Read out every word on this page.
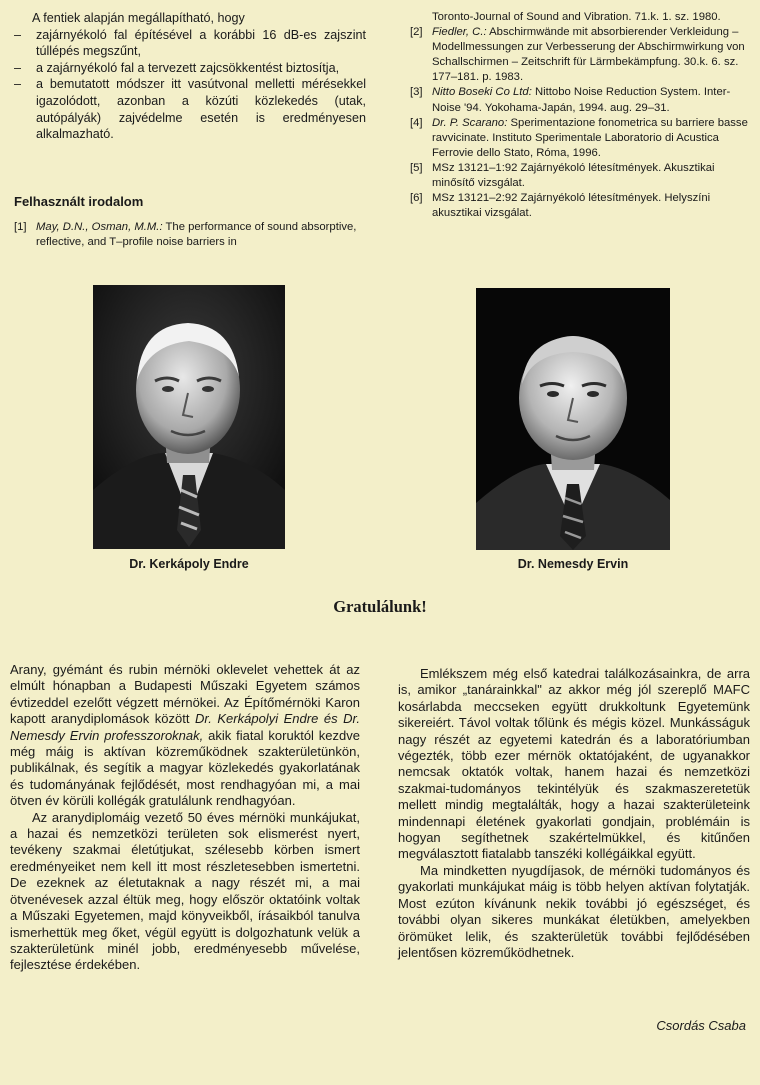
A fentiek alapján megállapítható, hogy

– zajárnyékoló fal építésével a korábbi 16 dB-es zajszint túllépés megszűnt,
– a zajárnyékoló fal a tervezett zajcsökkentést biztosítja,
– a bemutatott módszer itt vasútvonal melletti mérésekkel igazolódott, azonban a közúti közlekedés (utak, autópályák) zajvédelme esetén is eredményesen alkalmazható.
Felhasznált irodalom
[1] May, D.N., Osman, M.M.: The performance of sound absorptive, reflective, and T–profile noise barriers in
Toronto-Journal of Sound and Vibration. 71.k. 1. sz. 1980.
[2] Fiedler, C.: Abschirmwände mit absorbierender Verkleidung – Modellmessungen zur Verbesserung der Abschirmwirkung von Schallschirmen – Zeitschrift für Lärmbekämpfung. 30.k. 6. sz. 177–181. p. 1983.
[3] Nitto Boseki Co Ltd: Nittobo Noise Reduction System. Inter-Noise '94. Yokohama-Japán, 1994. aug. 29–31.
[4] Dr. P. Scarano: Sperimentazione fonometrica su barriere basse ravvicinate. Instituto Sperimentale Laboratorio di Acustica Ferrovie dello Stato, Róma, 1996.
[5] MSz 13121–1:92 Zajárnyékoló létesítmények. Akusztikai minősítő vizsgálat.
[6] MSz 13121–2:92 Zajárnyékoló létesítmények. Helyszíni akusztikai vizsgálat.
Dr. Kerkápoly Endre	Dr. Nemesdy Ervin
Gratulálunk!

Arany, gyémánt és rubin mérnöki oklevelet vehettek át az elmúlt hónapban a Budapesti Műszaki Egyetem számos évtizeddel ezelőtt végzett mérnökei. Az Építőmérnöki Karon kapott aranydiplomások között Dr. Kerkápolyi Endre és Dr. Nemesdy Ervin professzoroknak, akik fiatal koruktól kezdve még máig is aktívan közreműködnek szakterületünkön, publikálnak, és segítik a magyar közlekedés gyakorlatának és tudományának fejlődését, most rendhagyóan mi, a mai ötven év körüli kollégák gratulálunk rendhagyóan.

Az aranydiplomáig vezető 50 éves mérnöki munkájukat, a hazai és nemzetközi területen sok elismerést nyert, tevékeny szakmai életútjukat, szélesebb körben ismert eredményeiket nem kell itt most részletesebben ismertetni. De ezeknek az életutaknak a nagy részét mi, a mai ötvenévesek azzal éltük meg, hogy először oktatóink voltak a Műszaki Egyetemen, majd könyveikből, írásaikból tanulva ismerhettük meg őket, végül együtt is dolgozhatunk velük a szakterületünk minél jobb, eredményesebb művelése, fejlesztése érdekében.

Emlékszem még első katedrai találkozásainkra, de arra is, amikor „tanárainkkal" az akkor még jól szereplő MAFC kosárlabda meccseken együtt drukkoltunk Egyetemünk sikereiért. Távol voltak tőlünk és mégis közel. Munkásságuk nagy részét az egyetemi katedrán és a laboratóriumban végezték, több ezer mérnök oktatójaként, de ugyanakkor nemcsak oktatók voltak, hanem hazai és nemzetközi szakmai-tudományos tekintélyük és szakmaszeretetük mellett mindig megtalálták, hogy a hazai szakterületeink mindennapi életének gyakorlati gondjain, problémáin is hogyan segíthetnek szakértelmükkel, és kitűnően megválasztott fiatalabb tanszéki kollégáikkal együtt.

Ma mindketten nyugdíjasok, de mérnöki tudományos és gyakorlati munkájukat máig is több helyen aktívan folytatják. Most ezúton kívánunk nekik további jó egészséget, és további olyan sikeres munkákat életükben, amelyekben örömüket lelik, és szakterületük további fejlődésében jelentősen közreműködhetnek.

Csordás Csaba
